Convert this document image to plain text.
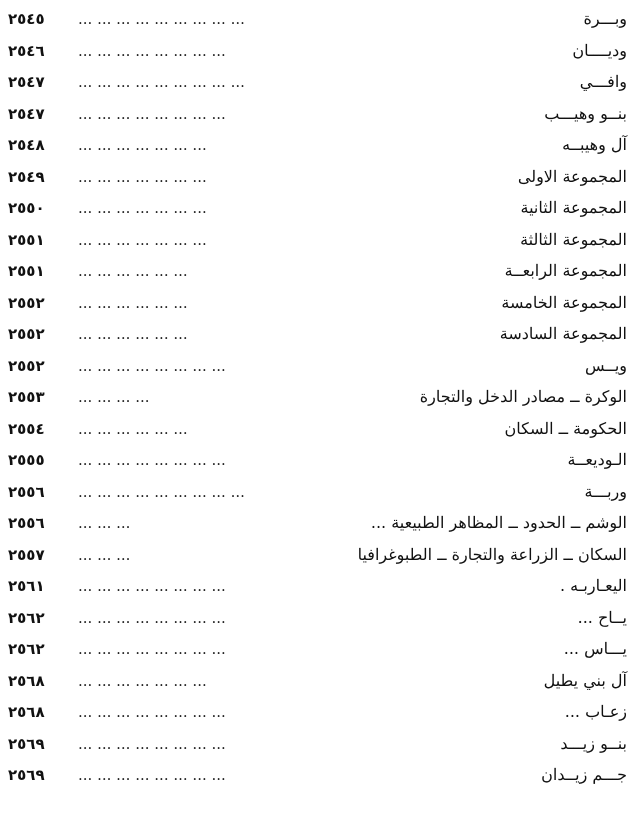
وبـــرة
... ... ... ... ... ... ... ... ...
٢٥٤٥
وديــــان
... ... ... ... ... ... ... ...
٢٥٤٦
وافـــي
... ... ... ... ... ... ... ... ...
٢٥٤٧
بنــو وهيـــب
... ... ... ... ... ... ... ...
٢٥٤٧
آل وهيبــه
... ... ... ... ... ... ...
٢٥٤٨
المجموعة الاولى
... ... ... ... ... ... ...
٢٥٤٩
المجموعة الثانية
... ... ... ... ... ... ...
٢٥٥٠
المجموعة الثالثة
... ... ... ... ... ... ...
٢٥٥١
المجموعة الرابعــة
... ... ... ... ... ...
٢٥٥١
المجموعة الخامسة
... ... ... ... ... ...
٢٥٥٢
المجموعة السادسة
... ... ... ... ... ...
٢٥٥٢
ويــس
... ... ... ... ... ... ... ...
٢٥٥٢
الوكرة ــ مصادر الدخل والتجارة
... ... ... ...
٢٥٥٣
الحكومة ــ السكان
... ... ... ... ... ...
٢٥٥٤
الـوديعــة
... ... ... ... ... ... ... ...
٢٥٥٥
وربـــة
... ... ... ... ... ... ... ... ...
٢٥٥٦
الوشم ــ الحدود ــ المظاهر الطبيعية ...
... ... ...
٢٥٥٦
السكان ــ الزراعة والتجارة ــ الطبوغرافيا
... ... ...
٢٥٥٧
اليعـاربـه .
... ... ... ... ... ... ... ...
٢٥٦١
يــاح ...
... ... ... ... ... ... ... ...
٢٥٦٢
يـــاس ...
... ... ... ... ... ... ... ...
٢٥٦٢
آل بني يطيل
... ... ... ... ... ... ...
٢٥٦٨
زعـاب ...
... ... ... ... ... ... ... ...
٢٥٦٨
بنــو زيـــد
... ... ... ... ... ... ... ...
٢٥٦٩
جـــم زيــدان
... ... ... ... ... ... ... ...
٢٥٦٩
